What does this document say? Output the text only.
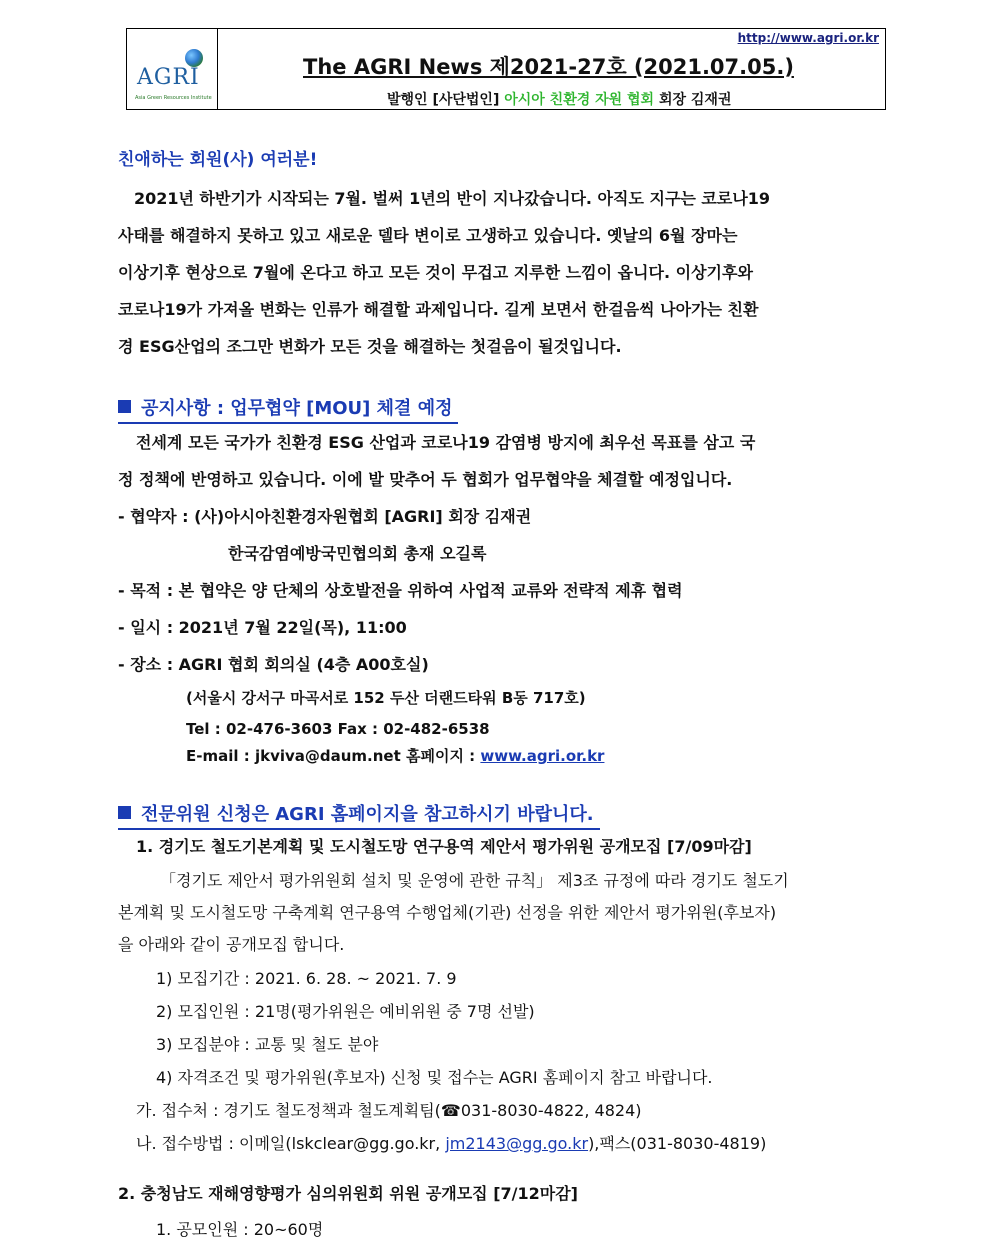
AGRI
Asia Green Resources Institute
http://www.agri.or.kr
The AGRI News 제2021-27호 (2021.07.05.)
발행인 [사단법인] 아시아 친환경 자원 협회 회장 김재권
친애하는 회원(사) 여러분!
2021년 하반기가 시작되는 7월. 벌써 1년의 반이 지나갔습니다. 아직도 지구는 코로나19
사태를 해결하지 못하고 있고 새로운 델타 변이로 고생하고 있습니다. 옛날의 6월 장마는
이상기후 현상으로 7월에 온다고 하고 모든 것이 무겁고 지루한 느낌이 옵니다. 이상기후와
코로나19가 가져올 변화는 인류가 해결할 과제입니다. 길게 보면서 한걸음씩 나아가는 친환
경 ESG산업의 조그만 변화가 모든 것을 해결하는 첫걸음이 될것입니다.
공지사항 : 업무협약 [MOU] 체결 예정
전세계 모든 국가가 친환경 ESG 산업과 코로나19 감염병 방지에 최우선 목표를 삼고 국
정 정책에 반영하고 있습니다. 이에 발 맞추어 두 협회가 업무협약을 체결할 예정입니다.
- 협약자 : (사)아시아친환경자원협회 [AGRI] 회장 김재권
한국감염예방국민협의회 총재 오길록
- 목적 : 본 협약은 양 단체의 상호발전을 위하여 사업적 교류와 전략적 제휴 협력
- 일시 : 2021년 7월 22일(목), 11:00
- 장소 : AGRI 협회 회의실 (4층 A00호실)
(서울시 강서구 마곡서로 152 두산 더랜드타워 B동 717호)
Tel : 02-476-3603 Fax : 02-482-6538
E-mail : jkviva@daum.net 홈페이지 : www.agri.or.kr
전문위원 신청은 AGRI 홈페이지을 참고하시기 바랍니다.
1. 경기도 철도기본계획 및 도시철도망 연구용역 제안서 평가위원 공개모집 [7/09마감]
「경기도 제안서 평가위원회 설치 및 운영에 관한 규칙」 제3조 규정에 따라 경기도 철도기
본계획 및 도시철도망 구축계획 연구용역 수행업체(기관) 선정을 위한 제안서 평가위원(후보자)
을 아래와 같이 공개모집 합니다.
1) 모집기간 : 2021. 6. 28. ~ 2021. 7. 9
2) 모집인원 : 21명(평가위원은 예비위원 중 7명 선발)
3) 모집분야 : 교통 및 철도 분야
4) 자격조건 및 평가위원(후보자) 신청 및 접수는 AGRI 홈페이지 참고 바랍니다.
가. 접수처 : 경기도 철도정책과 철도계획팀(☎031-8030-4822, 4824)
나. 접수방법 : 이메일(lskclear@gg.go.kr, jm2143@gg.go.kr),팩스(031-8030-4819)
2. 충청남도 재해영향평가 심의위원회 위원 공개모집 [7/12마감]
1. 공모인원 : 20~60명
